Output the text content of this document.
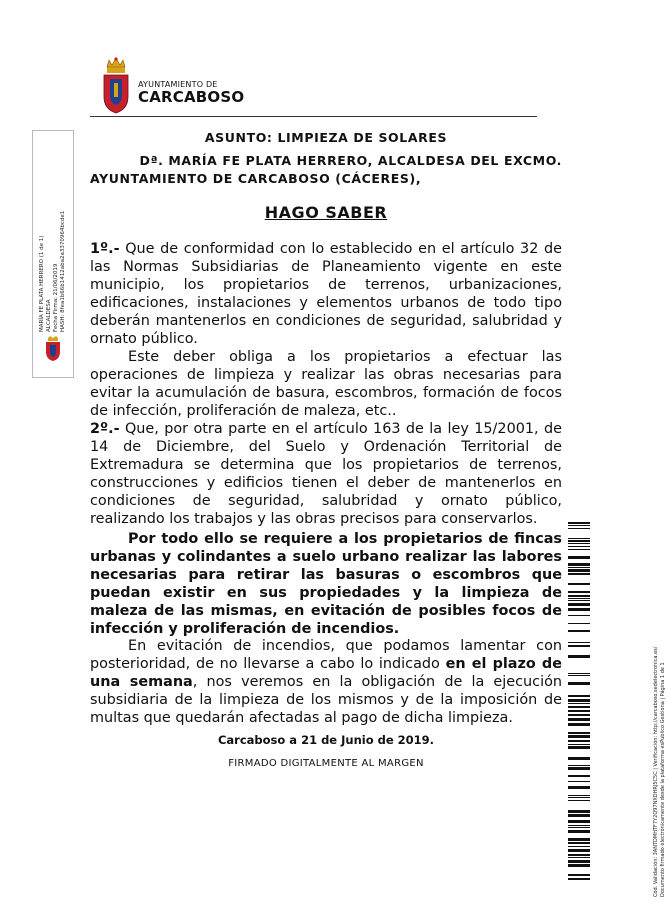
AYUNTAMIENTO DE
CARCABOSO
MARÍA FE PLATA HERRERO (1 de 1) ALCALDESA Fecha Firma: 21/06/2019 HASH: 8fea1b66b1412aba2a3370964bcde1
Cód. Validación: 3ANTDMHTF7Y2Q97NXDHRJ5C5C | Verificación: http://carcaboso.sedelectronica.es/ Documento firmado electrónicamente desde la plataforma esPublico Gestiona | Página 1 de 1
ASUNTO: LIMPIEZA DE SOLARES
Dª. MARÍA FE PLATA HERRERO, ALCALDESA DEL EXCMO.
AYUNTAMIENTO DE CARCABOSO (CÁCERES),
HAGO SABER
1º.- Que de conformidad con lo establecido en el artículo 32 de las Normas Subsidiarias de Planeamiento vigente en este municipio, los propietarios de terrenos, urbanizaciones, edificaciones, instalaciones y elementos urbanos de todo tipo deberán mantenerlos en condiciones de seguridad, salubridad y ornato público.
Este deber obliga a los propietarios a efectuar las operaciones de limpieza y realizar las obras necesarias para evitar la acumulación de basura, escombros, formación de focos de infección, proliferación de maleza, etc..
2º.- Que, por otra parte en el artículo 163 de la ley 15/2001, de 14 de Diciembre, del Suelo y Ordenación Territorial de Extremadura se determina que los propietarios de terrenos, construcciones y edificios tienen el deber de mantenerlos en condiciones de seguridad, salubridad y ornato público, realizando los trabajos y las obras precisos para conservarlos.
Por todo ello se requiere a los propietarios de fincas urbanas y colindantes a suelo urbano realizar las labores necesarias para retirar las basuras o escombros que puedan existir en sus propiedades y la limpieza de maleza de las mismas, en evitación de posibles focos de infección y proliferación de incendios.
En evitación de incendios, que podamos lamentar con posterioridad, de no llevarse a cabo lo indicado en el plazo de una semana, nos veremos en la obligación de la ejecución subsidiaria de la limpieza de los mismos y de la imposición de multas que quedarán afectadas al pago de dicha limpieza.
Carcaboso a 21 de Junio de 2019.
FIRMADO DIGITALMENTE AL MARGEN
